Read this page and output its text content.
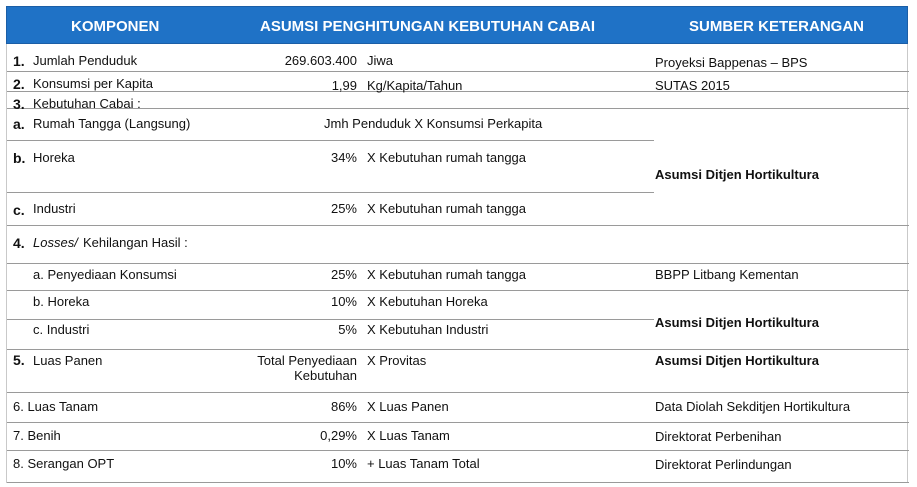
KOMPONEN	ASUMSI PENGHITUNGAN KEBUTUHAN CABAI	SUMBER KETERANGAN
1. Jumlah Penduduk	269.603.400 Jiwa	Proyeksi Bappenas – BPS
2. Konsumsi per Kapita	1,99 Kg/Kapita/Tahun	SUTAS 2015
3. Kebutuhan Cabai :
a. Rumah Tangga (Langsung)	Jmh Penduduk X Konsumsi Perkapita
b. Horeka	34% X Kebutuhan rumah tangga
Asumsi Ditjen Hortikultura
c. Industri	25% X Kebutuhan rumah tangga
4. Losses/ Kehilangan Hasil :
a. Penyediaan Konsumsi	25% X Kebutuhan rumah tangga	BBPP Litbang Kementan
b. Horeka	10% X Kebutuhan Horeka
Asumsi Ditjen Hortikultura
c. Industri	5% X Kebutuhan Industri
5. Luas Panen	Total Penyediaan
Kebutuhan
X Provitas	Asumsi Ditjen Hortikultura
6. Luas Tanam	86% X Luas Panen	Data Diolah Sekditjen Hortikultura
7. Benih	0,29% X Luas Tanam	Direktorat Perbenihan
8. Serangan OPT	10% + Luas Tanam Total	Direktorat Perlindungan
